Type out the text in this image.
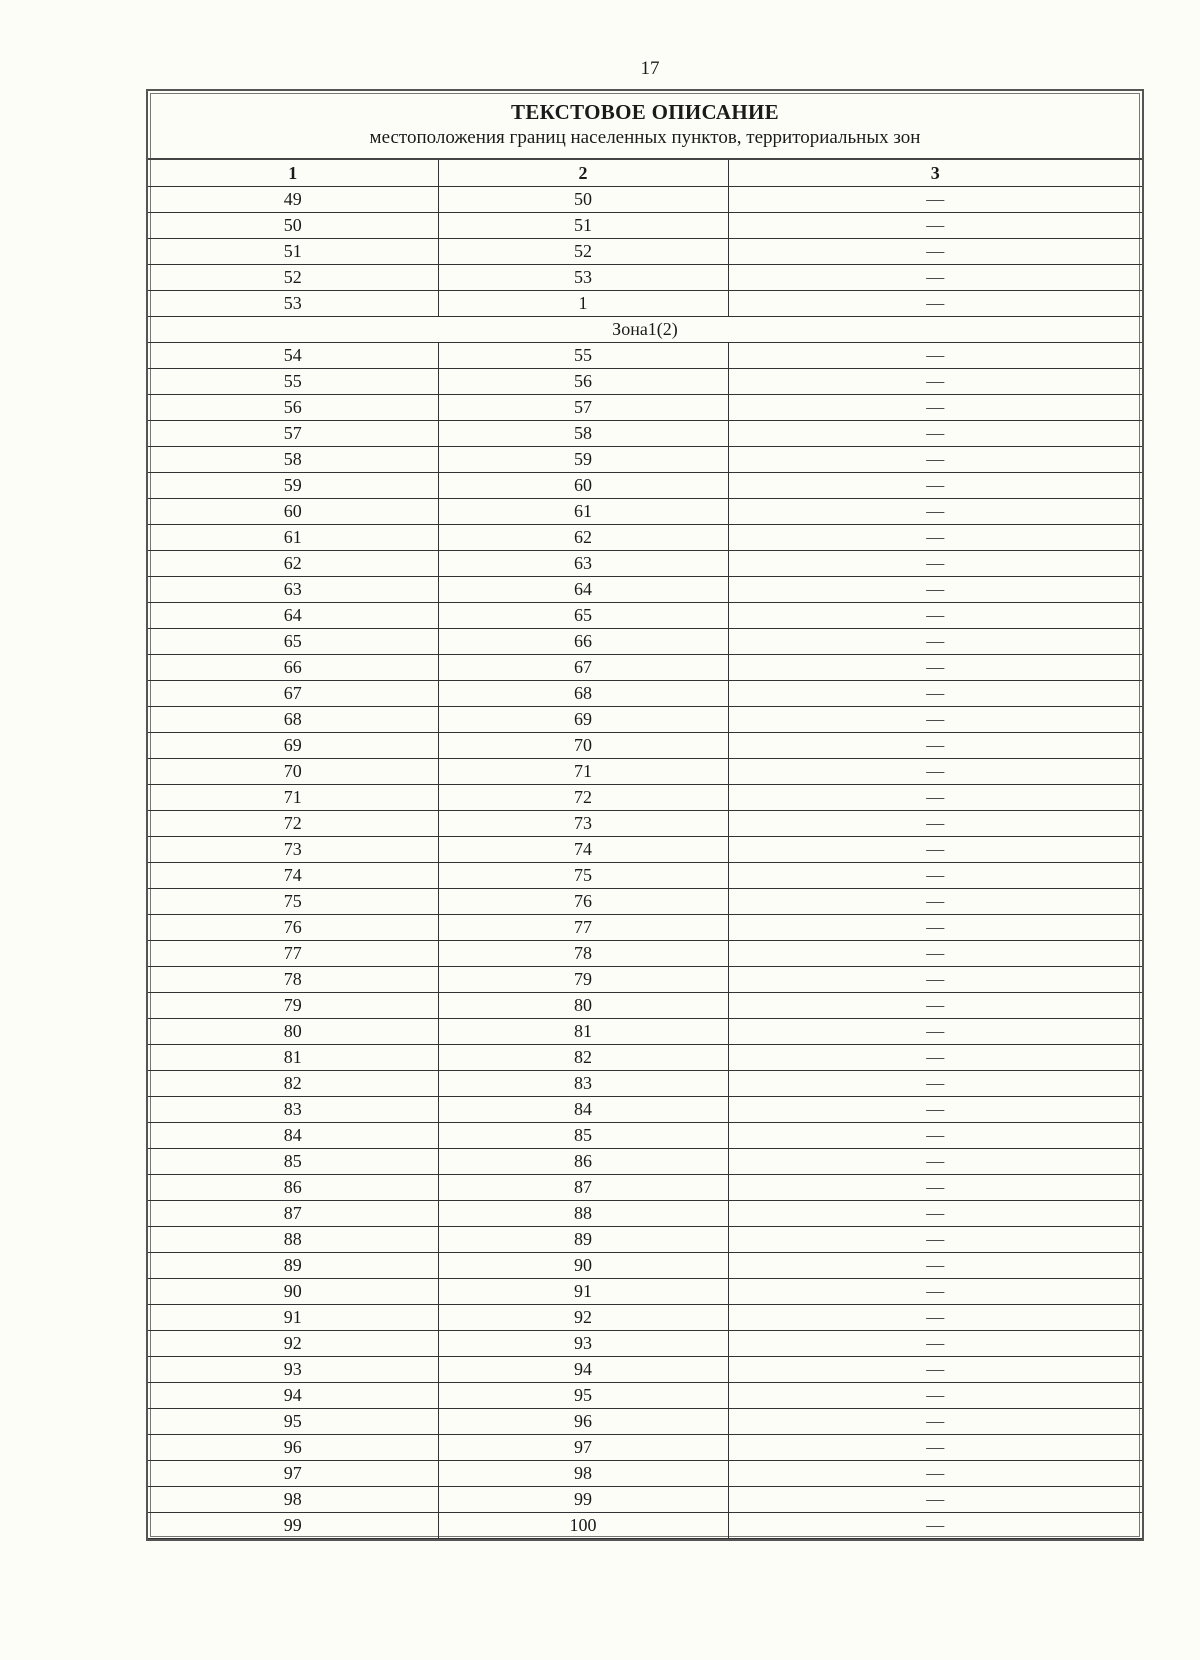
17
ТЕКСТОВОЕ ОПИСАНИЕ
местоположения границ населенных пунктов, территориальных зон
1	2	3
49	50	—
50	51	—
51	52	—
52	53	—
53	1	—
Зона1(2)		
54	55	—
55	56	—
56	57	—
57	58	—
58	59	—
59	60	—
60	61	—
61	62	—
62	63	—
63	64	—
64	65	—
65	66	—
66	67	—
67	68	—
68	69	—
69	70	—
70	71	—
71	72	—
72	73	—
73	74	—
74	75	—
75	76	—
76	77	—
77	78	—
78	79	—
79	80	—
80	81	—
81	82	—
82	83	—
83	84	—
84	85	—
85	86	—
86	87	—
87	88	—
88	89	—
89	90	—
90	91	—
91	92	—
92	93	—
93	94	—
94	95	—
95	96	—
96	97	—
97	98	—
98	99	—
99	100	—
